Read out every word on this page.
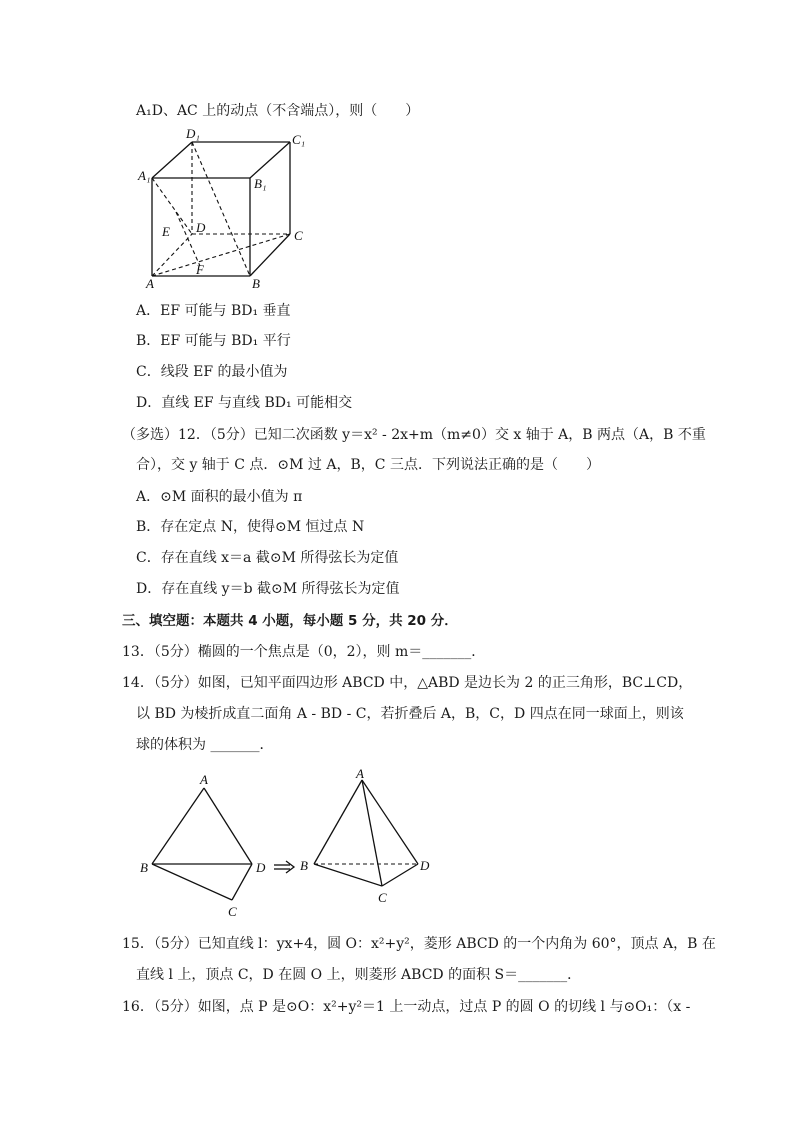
A₁D、AC 上的动点（不含端点），则（　　）
D₁	C₁
A₁
B₁
E D
C
F
A	B
A．EF 可能与 BD₁ 垂直
B．EF 可能与 BD₁ 平行
C．线段 EF 的最小值为
D．直线 EF 与直线 BD₁ 可能相交
（多选）12．（5分）已知二次函数 y＝x² - 2x+m（m≠0）交 x 轴于 A，B 两点（A，B 不重
合），交 y 轴于 C 点．⊙M 过 A，B，C 三点．下列说法正确的是（　　）
A．⊙M 面积的最小值为 π
B．存在定点 N，使得⊙M 恒过点 N
C．存在直线 x＝a 截⊙M 所得弦长为定值
D．存在直线 y＝b 截⊙M 所得弦长为定值
三、填空题：本题共 4 小题，每小题 5 分，共 20 分．
13．（5分）椭圆的一个焦点是（0，2），则 m＝_______．
14．（5分）如图，已知平面四边形 ABCD 中，△ABD 是边长为 2 的正三角形，BC⊥CD，
以 BD 为棱折成直二面角 A - BD - C，若折叠后 A，B，C，D 四点在同一球面上，则该
球的体积为 _______．
A
B	D
C
A
B	D
C
15．（5分）已知直线 l：yx+4，圆 O：x²+y²，菱形 ABCD 的一个内角为 60°，顶点 A，B 在
直线 l 上，顶点 C，D 在圆 O 上，则菱形 ABCD 的面积 S＝_______．
16．（5分）如图，点 P 是⊙O：x²+y²＝1 上一动点，过点 P 的圆 O 的切线 l 与⊙O₁：（x -
